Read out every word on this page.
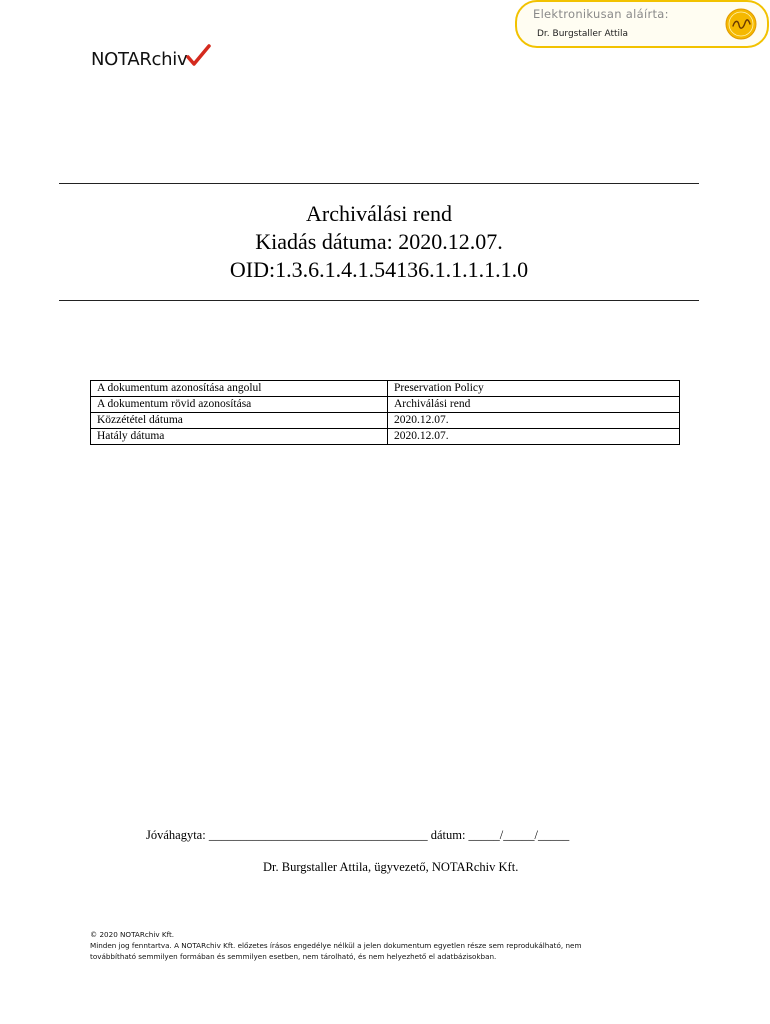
Elektronikusan aláírta:
Dr. Burgstaller Attila
NOTARchiv
Archiválási rend
Kiadás dátuma: 2020.12.07.
OID:1.3.6.1.4.1.54136.1.1.1.1.1.0
A dokumentum azonosítása angolul	Preservation Policy
A dokumentum rövid azonosítása	Archiválási rend
Közzététel dátuma	2020.12.07.
Hatály dátuma	2020.12.07.
Jóváhagyta: ___________________________________ dátum: _____/_____/_____
Dr. Burgstaller Attila, ügyvezető, NOTARchiv Kft.
© 2020 NOTARchiv Kft.
Minden jog fenntartva. A NOTARchiv Kft. előzetes írásos engedélye nélkül a jelen dokumentum egyetlen része sem reprodukálható, nem
továbbítható semmilyen formában és semmilyen esetben, nem tárolható, és nem helyezhető el adatbázisokban.
